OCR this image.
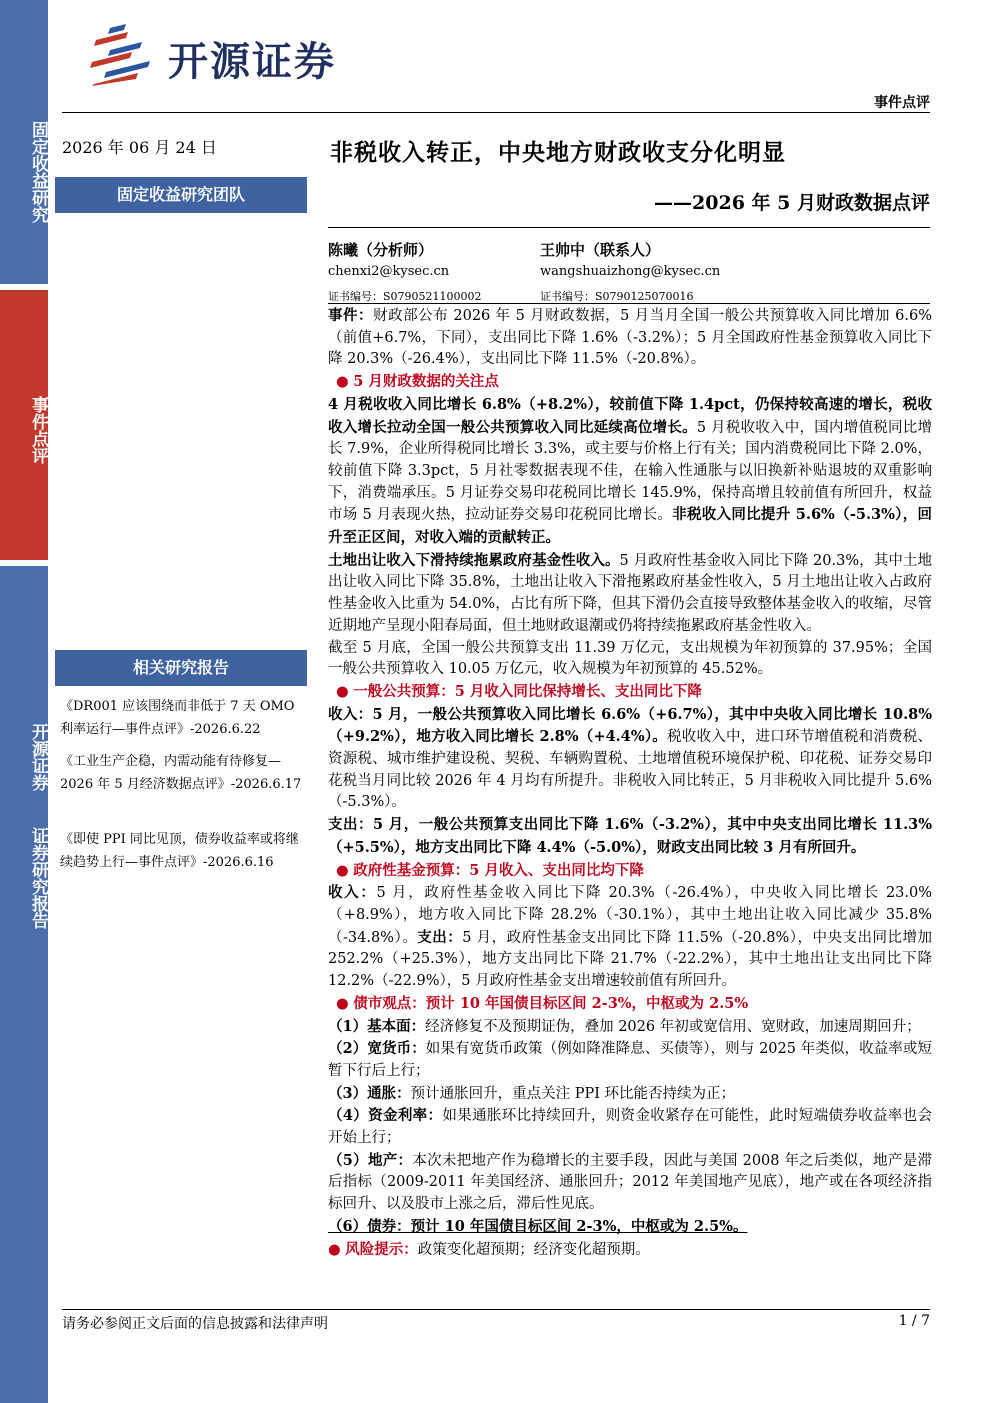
固定收益研究
事件点评
开源证券
证券研究报告
开源证券
事件点评
2026 年 06 月 24 日
固定收益研究团队
相关研究报告
《DR001 应该围绕而非低于 7 天 OMO 利率运行—事件点评》-2026.6.22
《工业生产企稳，内需动能有待修复—2026 年 5 月经济数据点评》-2026.6.17
《即使 PPI 同比见顶，债券收益率或将继续趋势上行—事件点评》-2026.6.16
非税收入转正，中央地方财政收支分化明显
——2026 年 5 月财政数据点评
陈曦（分析师）
chenxi2@kysec.cn
证书编号：S0790521100002
王帅中（联系人）
wangshuaizhong@kysec.cn
证书编号：S0790125070016

事件：财政部公布 2026 年 5 月财政数据，5 月当月全国一般公共预算收入同比增加 6.6%（前值+6.7%，下同），支出同比下降 1.6%（-3.2%）；5 月全国政府性基金预算收入同比下降 20.3%（-26.4%），支出同比下降 11.5%（-20.8%）。

● 5 月财政数据的关注点

4 月税收收入同比增长 6.8%（+8.2%），较前值下降 1.4pct，仍保持较高速的增长，税收收入增长拉动全国一般公共预算收入同比延续高位增长。5 月税收收入中，国内增值税同比增长 7.9%，企业所得税同比增长 3.3%，或主要与价格上行有关；国内消费税同比下降 2.0%，较前值下降 3.3pct，5 月社零数据表现不佳，在输入性通胀与以旧换新补贴退坡的双重影响下，消费端承压。5 月证券交易印花税同比增长 145.9%，保持高增且较前值有所回升，权益市场 5 月表现火热，拉动证券交易印花税同比增长。非税收入同比提升 5.6%（-5.3%），回升至正区间，对收入端的贡献转正。

土地出让收入下滑持续拖累政府基金性收入。5 月政府性基金收入同比下降 20.3%，其中土地出让收入同比下降 35.8%，土地出让收入下滑拖累政府基金性收入，5 月土地出让收入占政府性基金收入比重为 54.0%，占比有所下降，但其下滑仍会直接导致整体基金收入的收缩，尽管近期地产呈现小阳春局面，但土地财政退潮或仍将持续拖累政府基金性收入。

截至 5 月底，全国一般公共预算支出 11.39 万亿元，支出规模为年初预算的 37.95%；全国一般公共预算收入 10.05 万亿元，收入规模为年初预算的 45.52%。

● 一般公共预算：5 月收入同比保持增长、支出同比下降

收入：5 月，一般公共预算收入同比增长 6.6%（+6.7%），其中中央收入同比增长 10.8%（+9.2%），地方收入同比增长 2.8%（+4.4%）。税收收入中，进口环节增值税和消费税、资源税、城市维护建设税、契税、车辆购置税、土地增值税环境保护税、印花税、证券交易印花税当月同比较 2026 年 4 月均有所提升。非税收入同比转正，5 月非税收入同比提升 5.6%（-5.3%）。

支出：5 月，一般公共预算支出同比下降 1.6%（-3.2%），其中中央支出同比增长 11.3%（+5.5%），地方支出同比下降 4.4%（-5.0%），财政支出同比较 3 月有所回升。

● 政府性基金预算：5 月收入、支出同比均下降

收入：5 月，政府性基金收入同比下降 20.3%（-26.4%），中央收入同比增长 23.0%（+8.9%），地方收入同比下降 28.2%（-30.1%），其中土地出让收入同比减少 35.8%（-34.8%）。支出：5 月，政府性基金支出同比下降 11.5%（-20.8%），中央支出同比增加 252.2%（+25.3%），地方支出同比下降 21.7%（-22.2%），其中土地出让支出同比下降 12.2%（-22.9%），5 月政府性基金支出增速较前值有所回升。

● 债市观点：预计 10 年国债目标区间 2-3%，中枢或为 2.5%

（1）基本面：经济修复不及预期证伪，叠加 2026 年初或宽信用、宽财政，加速周期回升；

（2）宽货币：如果有宽货币政策（例如降准降息、买债等），则与 2025 年类似，收益率或短暂下行后上行；

（3）通胀：预计通胀回升，重点关注 PPI 环比能否持续为正；

（4）资金利率：如果通胀环比持续回升，则资金收紧存在可能性，此时短端债券收益率也会开始上行；

（5）地产：本次未把地产作为稳增长的主要手段，因此与美国 2008 年之后类似，地产是滞后指标（2009-2011 年美国经济、通胀回升；2012 年美国地产见底），地产或在各项经济指标回升、以及股市上涨之后，滞后性见底。

（6）债券：预计 10 年国债目标区间 2-3%，中枢或为 2.5%。

● 风险提示：政策变化超预期；经济变化超预期。

请务必参阅正文后面的信息披露和法律声明	1 / 7
